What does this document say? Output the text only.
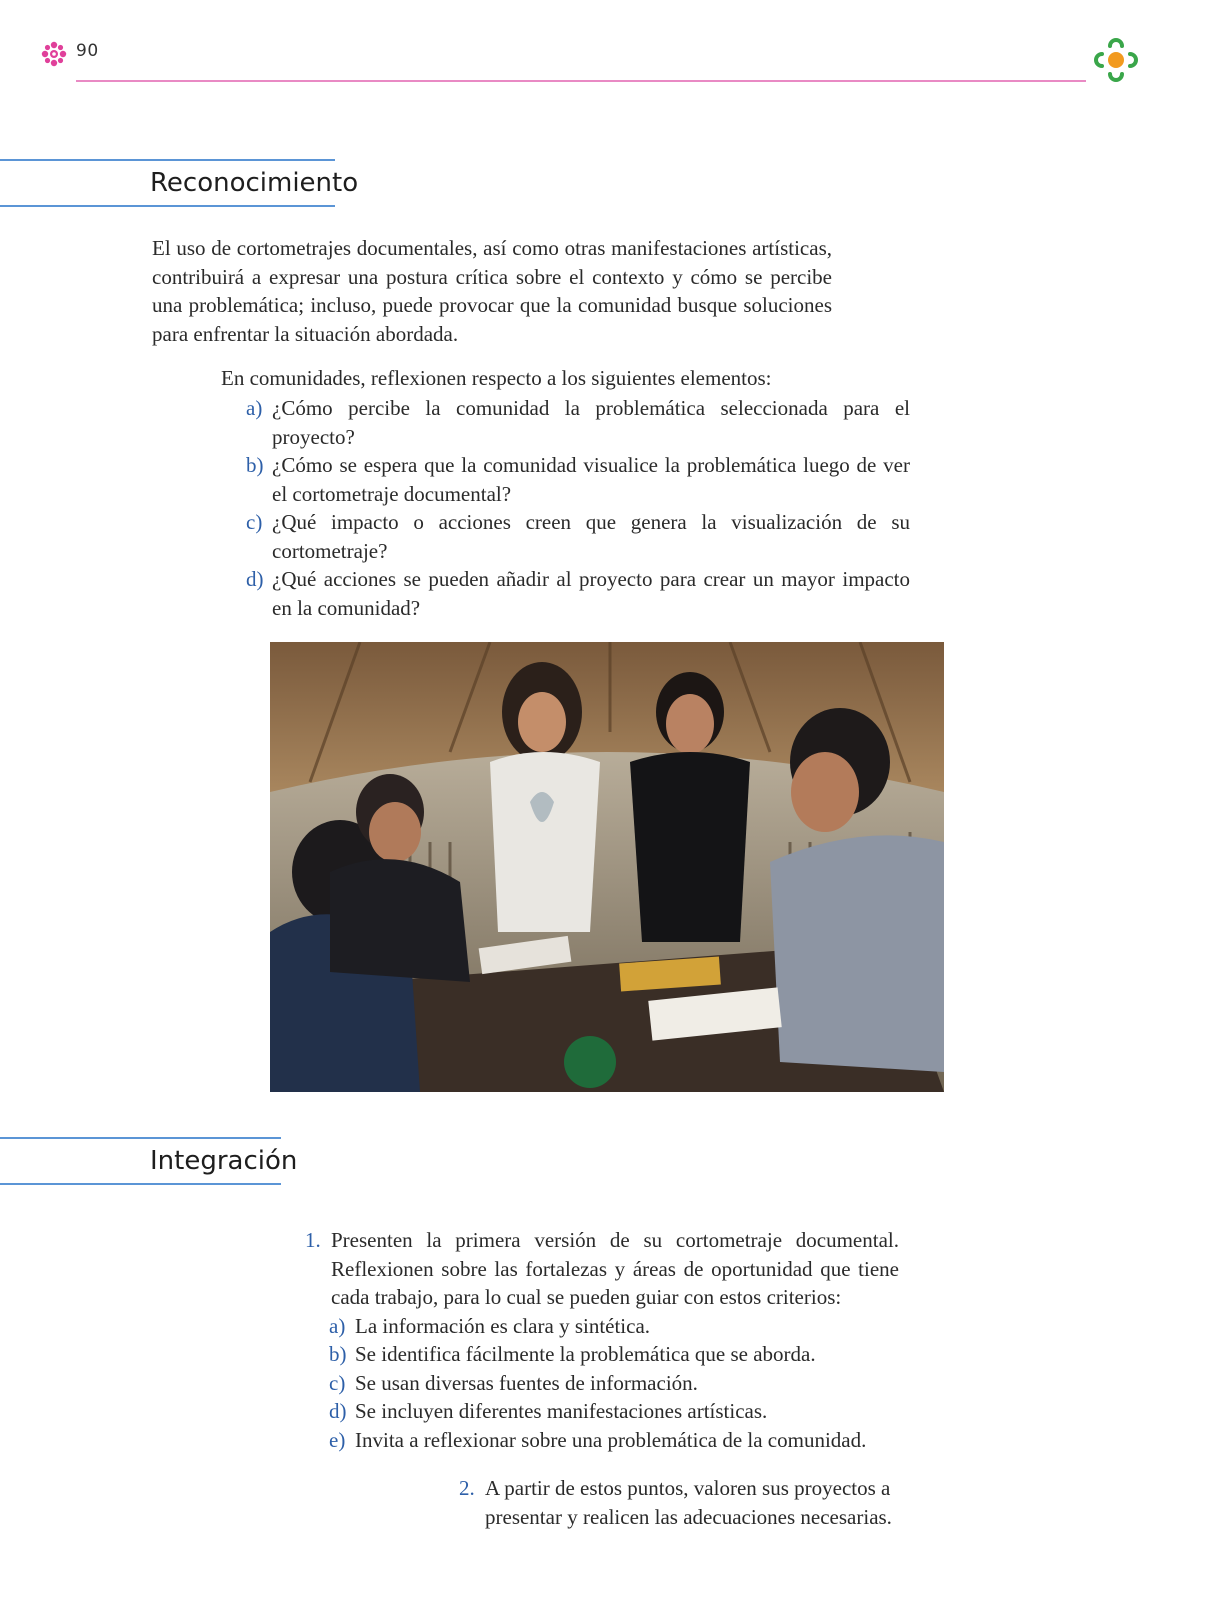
90
Reconocimiento

El uso de cortometrajes documentales, así como otras manifestaciones artísticas, contribuirá a expresar una postura crítica sobre el contexto y cómo se percibe una problemática; incluso, puede provocar que la comunidad busque soluciones para enfrentar la situación abordada.

En comunidades, reflexionen respecto a los siguientes elementos:

a) ¿Cómo percibe la comunidad la problemática seleccionada para el proyecto?
b) ¿Cómo se espera que la comunidad visualice la problemática luego de ver el cortometraje documental?
c) ¿Qué impacto o acciones creen que genera la visualización de su cortometraje?
d) ¿Qué acciones se pueden añadir al proyecto para crear un mayor impacto en la comunidad?
Integración
1. Presenten la primera versión de su cortometraje documental. Reflexionen sobre las fortalezas y áreas de oportunidad que tiene cada trabajo, para lo cual se pueden guiar con estos criterios:
a) La información es clara y sintética.
b) Se identifica fácilmente la problemática que se aborda.
c) Se usan diversas fuentes de información.
d) Se incluyen diferentes manifestaciones artísticas.
e) Invita a reflexionar sobre una problemática de la comunidad.
2. A partir de estos puntos, valoren sus proyectos a presentar y realicen las adecuaciones necesarias.
